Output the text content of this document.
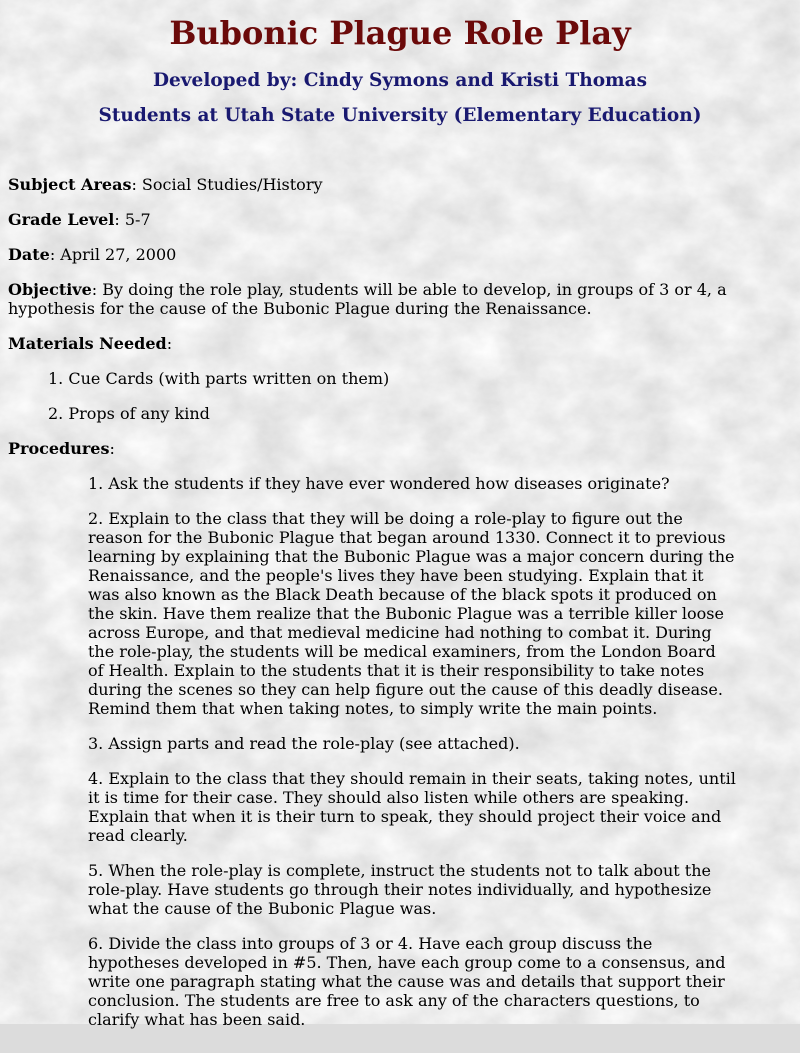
Bubonic Plague Role Play
Developed by: Cindy Symons and Kristi Thomas
Students at Utah State University (Elementary Education)

Subject Areas: Social Studies/History

Grade Level: 5-7

Date: April 27, 2000

Objective: By doing the role play, students will be able to develop, in groups of 3 or 4, a hypothesis for the cause of the Bubonic Plague during the Renaissance.

Materials Needed:

1. Cue Cards (with parts written on them)

2. Props of any kind

Procedures:

1. Ask the students if they have ever wondered how diseases originate?

2. Explain to the class that they will be doing a role-play to figure out the reason for the Bubonic Plague that began around 1330. Connect it to previous learning by explaining that the Bubonic Plague was a major concern during the Renaissance, and the people's lives they have been studying. Explain that it was also known as the Black Death because of the black spots it produced on the skin. Have them realize that the Bubonic Plague was a terrible killer loose across Europe, and that medieval medicine had nothing to combat it. During the role-play, the students will be medical examiners, from the London Board of Health. Explain to the students that it is their responsibility to take notes during the scenes so they can help figure out the cause of this deadly disease. Remind them that when taking notes, to simply write the main points.

3. Assign parts and read the role-play (see attached).

4. Explain to the class that they should remain in their seats, taking notes, until it is time for their case. They should also listen while others are speaking. Explain that when it is their turn to speak, they should project their voice and read clearly.

5. When the role-play is complete, instruct the students not to talk about the role-play. Have students go through their notes individually, and hypothesize what the cause of the Bubonic Plague was.

6. Divide the class into groups of 3 or 4. Have each group discuss the hypotheses developed in #5. Then, have each group come to a consensus, and write one paragraph stating what the cause was and details that support their conclusion. The students are free to ask any of the characters questions, to clarify what has been said.
